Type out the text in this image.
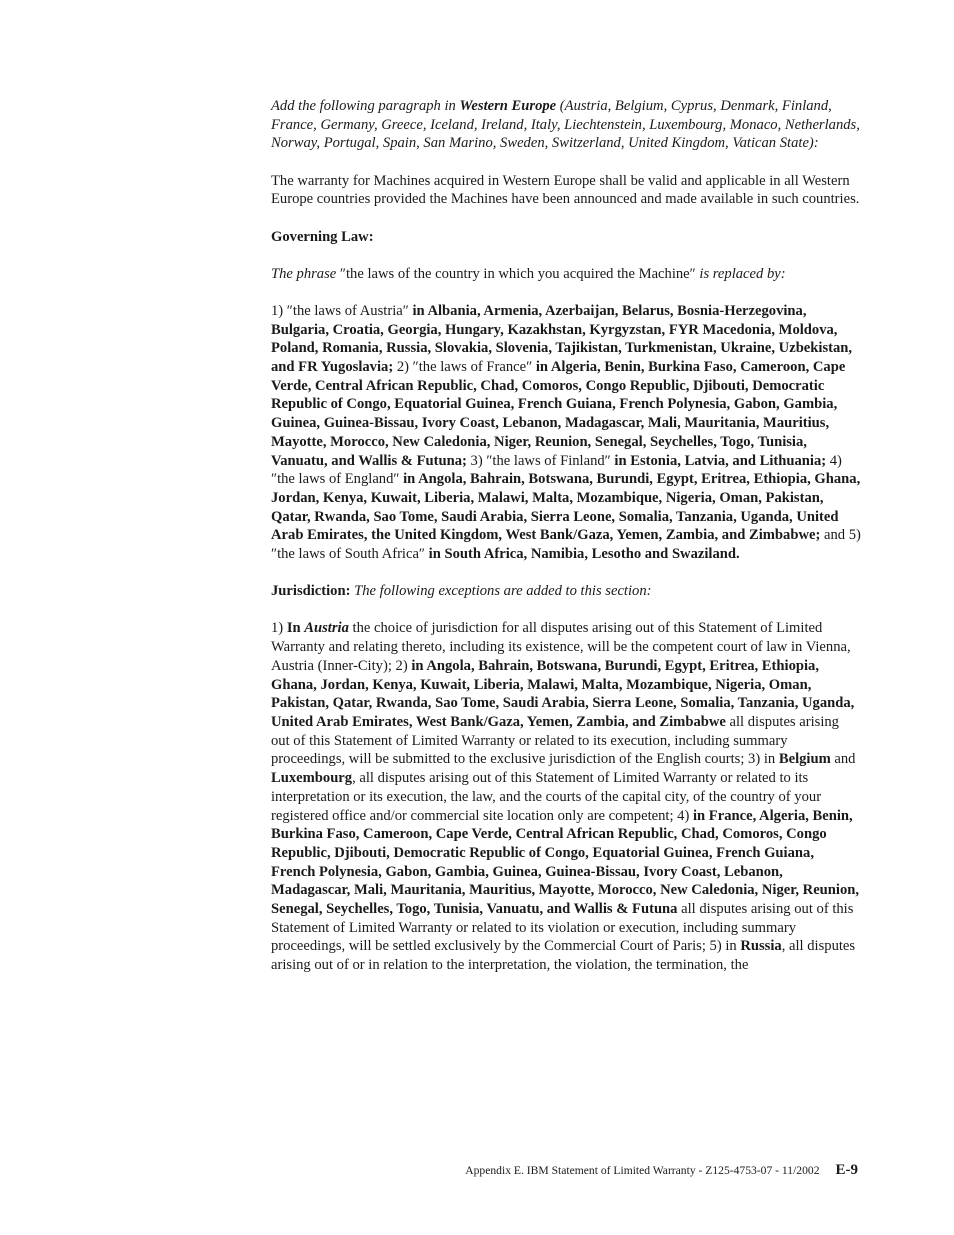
Add the following paragraph in Western Europe (Austria, Belgium, Cyprus, Denmark, Finland, France, Germany, Greece, Iceland, Ireland, Italy, Liechtenstein, Luxembourg, Monaco, Netherlands, Norway, Portugal, Spain, San Marino, Sweden, Switzerland, United Kingdom, Vatican State):

The warranty for Machines acquired in Western Europe shall be valid and applicable in all Western Europe countries provided the Machines have been announced and made available in such countries.

Governing Law:

The phrase ″the laws of the country in which you acquired the Machine″ is replaced by:

1) ″the laws of Austria″ in Albania, Armenia, Azerbaijan, Belarus, Bosnia-Herzegovina, Bulgaria, Croatia, Georgia, Hungary, Kazakhstan, Kyrgyzstan, FYR Macedonia, Moldova, Poland, Romania, Russia, Slovakia, Slovenia, Tajikistan, Turkmenistan, Ukraine, Uzbekistan, and FR Yugoslavia; 2) ″the laws of France″ in Algeria, Benin, Burkina Faso, Cameroon, Cape Verde, Central African Republic, Chad, Comoros, Congo Republic, Djibouti, Democratic Republic of Congo, Equatorial Guinea, French Guiana, French Polynesia, Gabon, Gambia, Guinea, Guinea-Bissau, Ivory Coast, Lebanon, Madagascar, Mali, Mauritania, Mauritius, Mayotte, Morocco, New Caledonia, Niger, Reunion, Senegal, Seychelles, Togo, Tunisia, Vanuatu, and Wallis & Futuna; 3) ″the laws of Finland″ in Estonia, Latvia, and Lithuania; 4) ″the laws of England″ in Angola, Bahrain, Botswana, Burundi, Egypt, Eritrea, Ethiopia, Ghana, Jordan, Kenya, Kuwait, Liberia, Malawi, Malta, Mozambique, Nigeria, Oman, Pakistan, Qatar, Rwanda, Sao Tome, Saudi Arabia, Sierra Leone, Somalia, Tanzania, Uganda, United Arab Emirates, the United Kingdom, West Bank/Gaza, Yemen, Zambia, and Zimbabwe; and 5) ″the laws of South Africa″ in South Africa, Namibia, Lesotho and Swaziland.

Jurisdiction: The following exceptions are added to this section:

1) In Austria the choice of jurisdiction for all disputes arising out of this Statement of Limited Warranty and relating thereto, including its existence, will be the competent court of law in Vienna, Austria (Inner-City); 2) in Angola, Bahrain, Botswana, Burundi, Egypt, Eritrea, Ethiopia, Ghana, Jordan, Kenya, Kuwait, Liberia, Malawi, Malta, Mozambique, Nigeria, Oman, Pakistan, Qatar, Rwanda, Sao Tome, Saudi Arabia, Sierra Leone, Somalia, Tanzania, Uganda, United Arab Emirates, West Bank/Gaza, Yemen, Zambia, and Zimbabwe all disputes arising out of this Statement of Limited Warranty or related to its execution, including summary proceedings, will be submitted to the exclusive jurisdiction of the English courts; 3) in Belgium and Luxembourg, all disputes arising out of this Statement of Limited Warranty or related to its interpretation or its execution, the law, and the courts of the capital city, of the country of your registered office and/or commercial site location only are competent; 4) in France, Algeria, Benin, Burkina Faso, Cameroon, Cape Verde, Central African Republic, Chad, Comoros, Congo Republic, Djibouti, Democratic Republic of Congo, Equatorial Guinea, French Guiana, French Polynesia, Gabon, Gambia, Guinea, Guinea-Bissau, Ivory Coast, Lebanon, Madagascar, Mali, Mauritania, Mauritius, Mayotte, Morocco, New Caledonia, Niger, Reunion, Senegal, Seychelles, Togo, Tunisia, Vanuatu, and Wallis & Futuna all disputes arising out of this Statement of Limited Warranty or related to its violation or execution, including summary proceedings, will be settled exclusively by the Commercial Court of Paris; 5) in Russia, all disputes arising out of or in relation to the interpretation, the violation, the termination, the

Appendix E. IBM Statement of Limited Warranty - Z125-4753-07 - 11/2002 E-9
